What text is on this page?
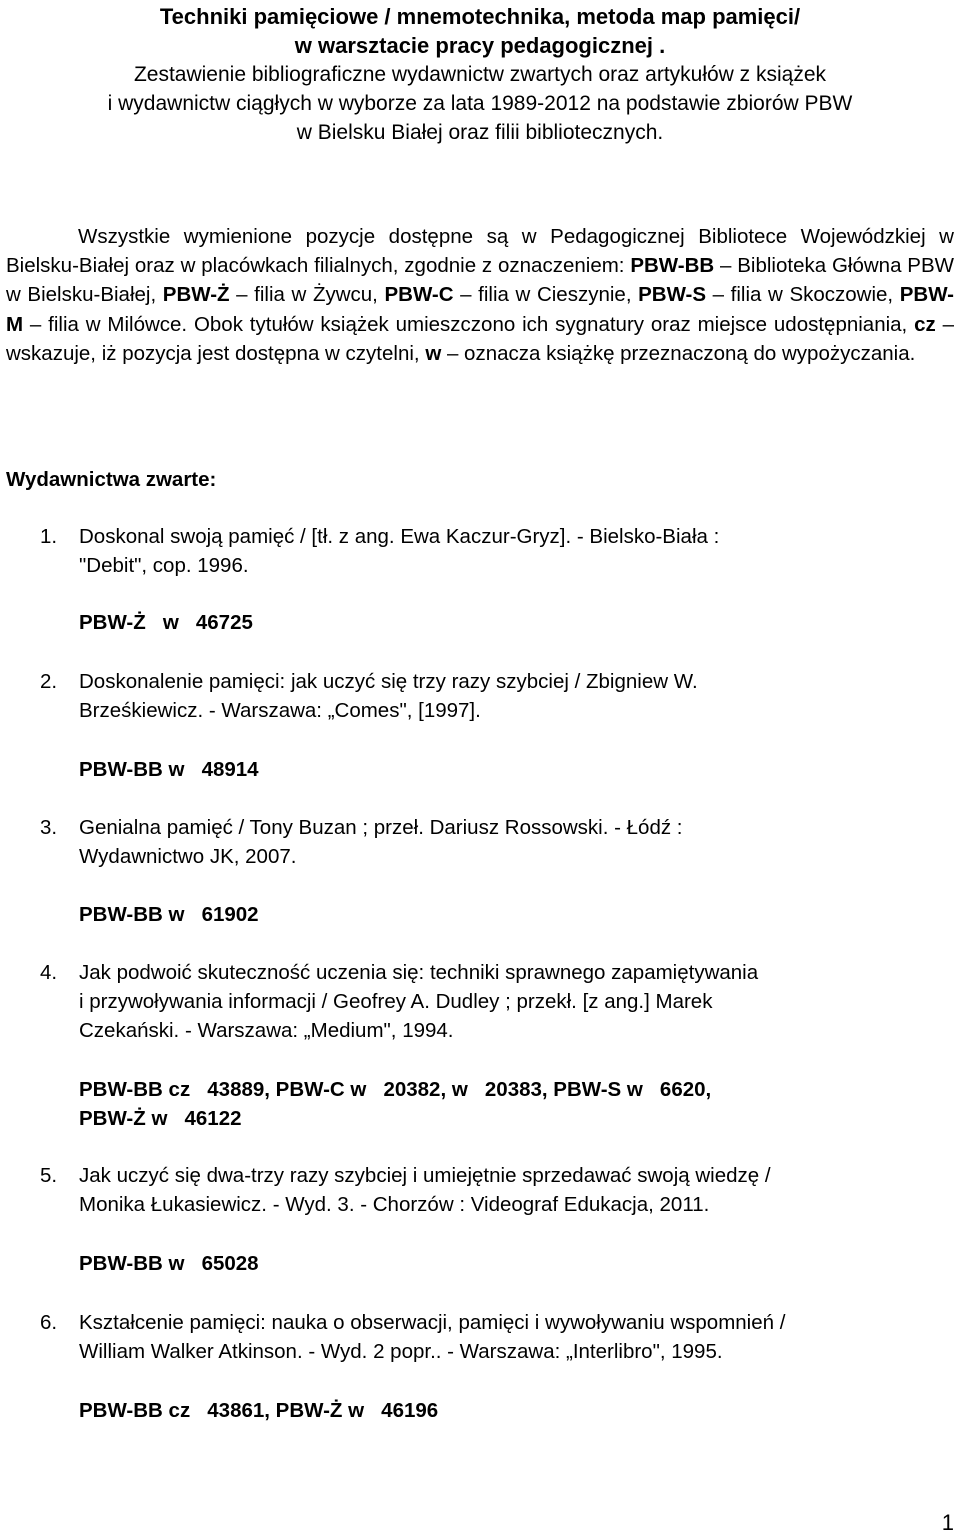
Techniki pamięciowe / mnemotechnika, metoda map pamięci/
w warsztacie pracy pedagogicznej .
Zestawienie bibliograficzne wydawnictw zwartych oraz artykułów z książek
i wydawnictw ciągłych w wyborze za lata 1989-2012 na podstawie zbiorów PBW
w Bielsku Białej oraz filii bibliotecznych.

Wszystkie wymienione pozycje dostępne są w Pedagogicznej Bibliotece Wojewódzkiej w Bielsku-Białej oraz w placówkach filialnych, zgodnie z oznaczeniem: PBW-BB – Biblioteka Główna PBW w Bielsku-Białej, PBW-Ż – filia w Żywcu, PBW-C – filia w Cieszynie, PBW-S – filia w Skoczowie, PBW-M – filia w Milówce. Obok tytułów książek umieszczono ich sygnatury oraz miejsce udostępniania, cz – wskazuje, iż pozycja jest dostępna w czytelni, w – oznacza książkę przeznaczoną do wypożyczania.

Wydawnictwa zwarte:
1. Doskonal swoją pamięć / [tł. z ang. Ewa Kaczur-Gryz]. - Bielsko-Biała :
"Debit", cop. 1996.
PBW-Ż   w   46725
2. Doskonalenie pamięci: jak uczyć się trzy razy szybciej / Zbigniew W.
Brześkiewicz. - Warszawa: „Comes", [1997].
PBW-BB w   48914
3. Genialna pamięć / Tony Buzan ; przeł. Dariusz Rossowski. - Łódź :
Wydawnictwo JK, 2007.
PBW-BB w   61902
4. Jak podwoić skuteczność uczenia się: techniki sprawnego zapamiętywania
i przywoływania informacji / Geofrey A. Dudley ; przekł. [z ang.] Marek
Czekański. - Warszawa: „Medium", 1994.
PBW-BB cz   43889, PBW-C w   20382, w   20383, PBW-S w   6620,
PBW-Ż w   46122
5. Jak uczyć się dwa-trzy razy szybciej i umiejętnie sprzedawać swoją wiedzę /
Monika Łukasiewicz. - Wyd. 3. - Chorzów : Videograf Edukacja, 2011.
PBW-BB w   65028
6. Kształcenie pamięci: nauka o obserwacji, pamięci i wywoływaniu wspomnień /
William Walker Atkinson. - Wyd. 2 popr.. - Warszawa: „Interlibro", 1995.
PBW-BB cz   43861, PBW-Ż w   46196
1
